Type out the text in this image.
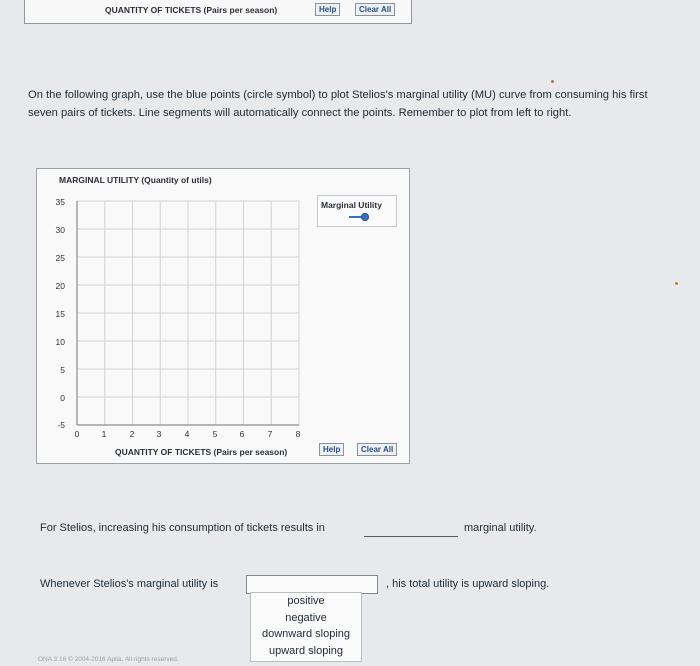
QUANTITY OF TICKETS (Pairs per season)	Help	Clear All
On the following graph, use the blue points (circle symbol) to plot Stelios's marginal utility (MU) curve from consuming his first seven pairs of tickets. Line segments will automatically connect the points. Remember to plot from left to right.
MARGINAL UTILITY (Quantity of utils)
35
30
25
20
15
10
5
0
-5
0	1	2	3	4	5	6	7	8
QUANTITY OF TICKETS (Pairs per season)
Marginal Utility
Help	Clear All
For Stelios, increasing his consumption of tickets results in	marginal utility.
Whenever Stelios's marginal utility is	, his total utility is upward sloping.
positive
negative
downward sloping
upward sloping
ONA 3.16 © 2004-2016 Aplia. All rights reserved.
